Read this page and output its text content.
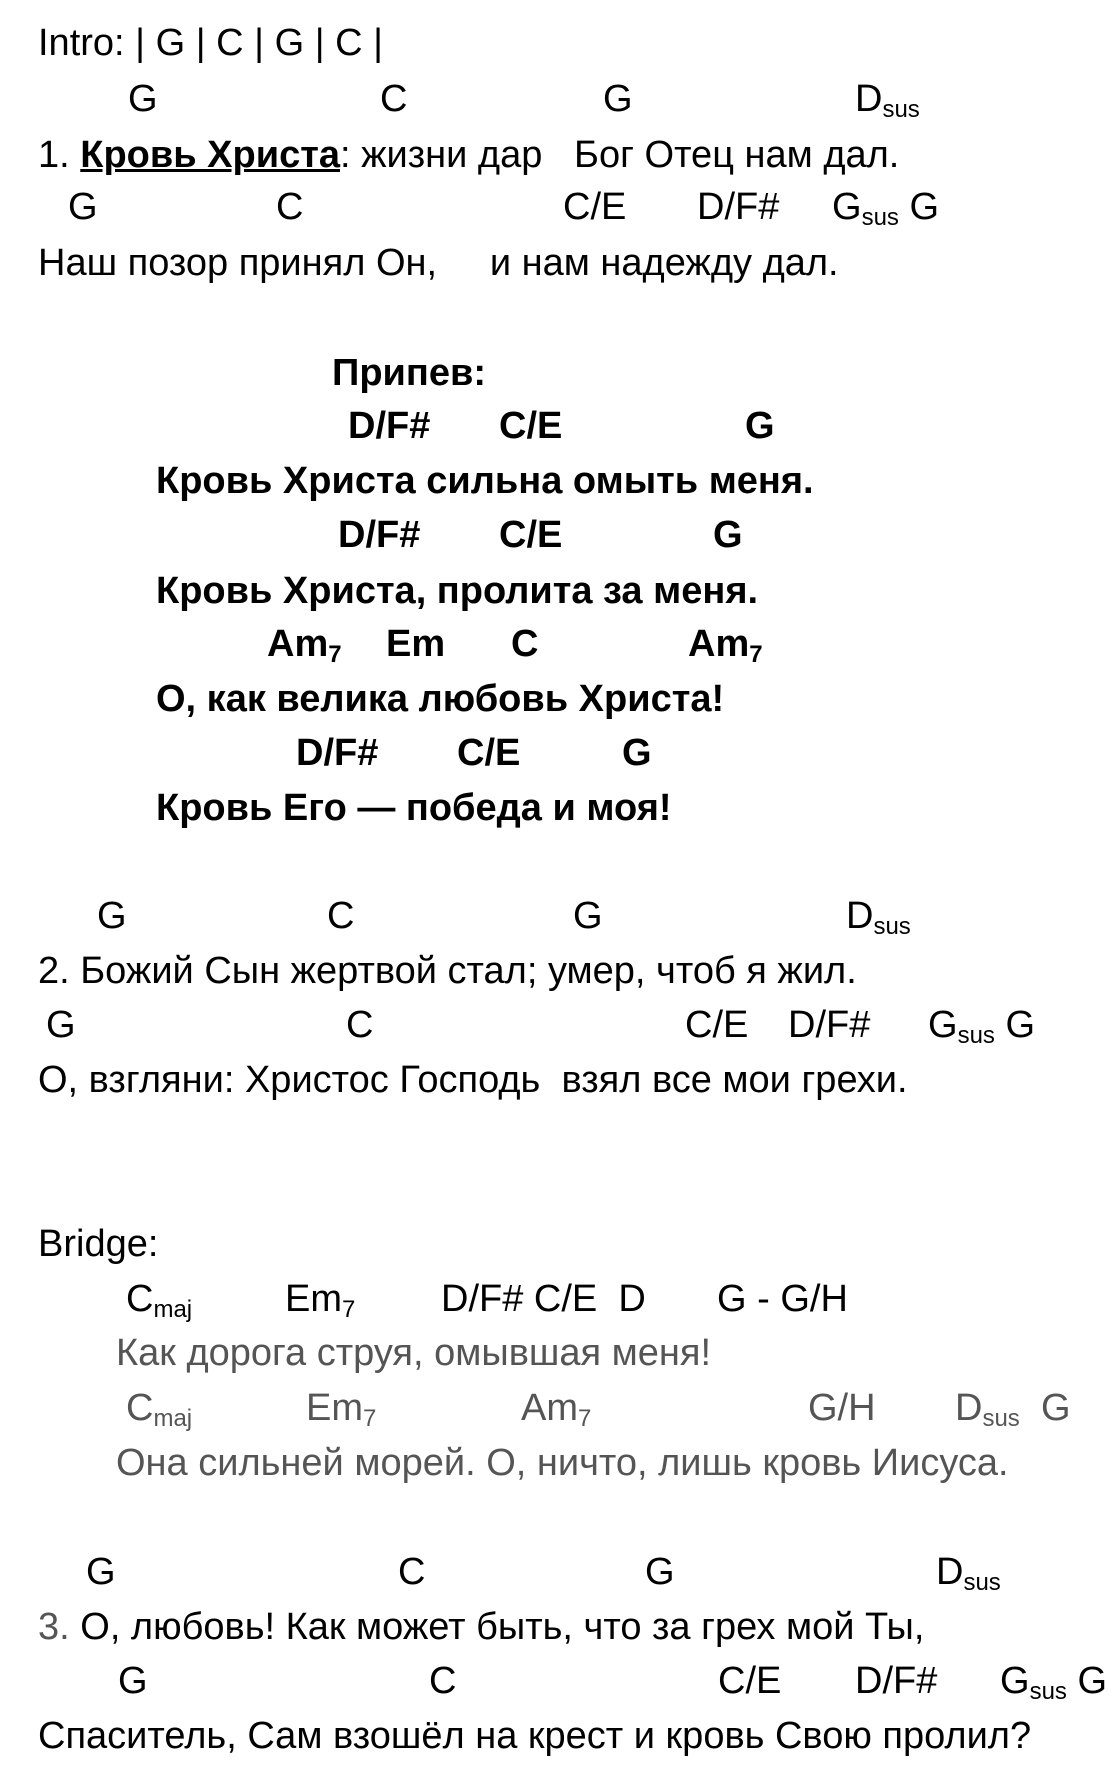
Intro: | G | C | G | C |
G	C	G	$D_{sus}$
1. Кровь Христа: жизни дар   Бог Отец нам дал.
G	C	C/E D/F# $G_{sus}$ G
Наш позор принял Он,     и нам надежду дал.
Припев:
D/F# C/E	G
Кровь Христа сильна омыть меня.
D/F# C/E	G
Кровь Христа, пролита за меня.
$Am_7$ Em C	$Am_7$
О, как велика любовь Христа!
D/F# C/E	G
Кровь Его — победа и моя!
G	C	G	$D_{sus}$
2. Божий Сын жертвой стал; умер, чтоб я жил.
G	C	C/E D/F# $G_{sus}$ G
О, взгляни: Христос Господь  взял все мои грехи.
Bridge:
$C_{maj}$ $Em_7$ D/F# C/E  D G - G/H
Как дорога струя, омывшая меня!
$C_{maj}$	$Em_7$	$Am_7$	G/H $D_{sus}$ G
Она сильней морей. О, ничто, лишь кровь Иисуса.
G	C	G	$D_{sus}$
3. О, любовь! Как может быть, что за грех мой Ты,
G	C	C/E D/F# $G_{sus}$ G
Спаситель, Сам взошёл на крест и кровь Свою пролил?
